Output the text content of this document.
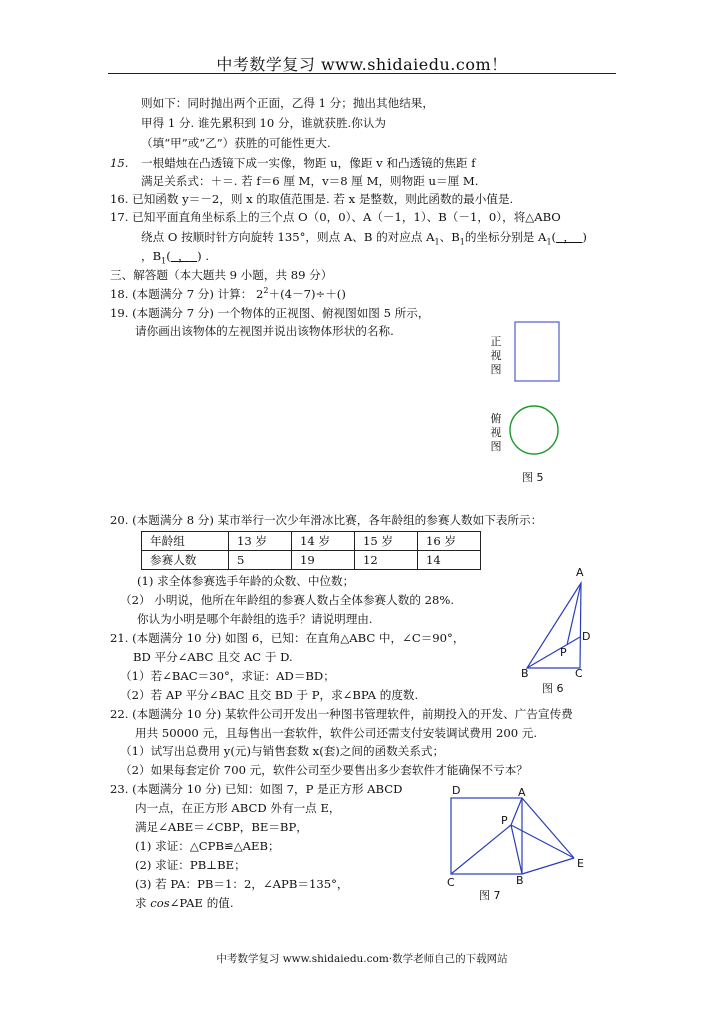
中考数学复习 www.shidaiedu.com！
则如下：同时抛出两个正面，乙得 1 分；抛出其他结果，
甲得 1 分. 谁先累积到 10 分，谁就获胜.你认为
（填“甲”或“乙”）获胜的可能性更大.
15. 一根蜡烛在凸透镜下成一实像，物距 u，像距 v 和凸透镜的焦距 f
满足关系式：＋＝. 若 f＝6 厘 M，v＝8 厘 M，则物距 u＝厘 M.
16. 已知函数 y＝－2，则 x 的取值范围是. 若 x 是整数，则此函数的最小值是.
17. 已知平面直角坐标系上的三个点 O（0，0）、A（－1，1）、B（－1，0），将△ABO
绕点 O 按顺时针方向旋转 135°，则点 A、B 的对应点 $A_1$、$B_1$的坐标分别是 $A_1$( ， )
，$B_1$( ， ) .
三、解答题（本大题共 9 小题，共 89 分）
18. (本题满分 7 分) 计算： $2^2+(4-7)\div+()$
19. (本题满分 7 分) 一个物体的正视图、俯视图如图 5 所示，
请你画出该物体的左视图并说出该物体形状的名称.
正视图
俯视图
图 5
20. (本题满分 8 分) 某市举行一次少年滑冰比赛，各年龄组的参赛人数如下表所示：
年龄组	13 岁	14 岁	15 岁	16 岁
参赛人数	5	19	12	14
(1) 求全体参赛选手年龄的众数、中位数；
（2） 小明说，他所在年龄组的参赛人数占全体参赛人数的 28%.
你认为小明是哪个年龄组的选手？请说明理由.
21. (本题满分 10 分) 如图 6，已知：在直角△ABC 中，∠C＝90°，
BD 平分∠ABC 且交 AC 于 D.
（1）若∠BAC＝30°，求证：AD＝BD；
（2）若 AP 平分∠BAC 且交 BD 于 P，求∠BPA 的度数.
A
D
P
B	C
图 6
22. (本题满分 10 分) 某软件公司开发出一种图书管理软件，前期投入的开发、广告宣传费
用共 50000 元，且每售出一套软件，软件公司还需支付安装调试费用 200 元.
（1）试写出总费用 y(元)与销售套数 x(套)之间的函数关系式；
（2）如果每套定价 700 元，软件公司至少要售出多少套软件才能确保不亏本？
23. (本题满分 10 分) 已知：如图 7，P 是正方形 ABCD
内一点，在正方形 ABCD 外有一点 E，
满足∠ABE＝∠CBP，BE＝BP，
(1) 求证：△CPB≌△AEB；
(2) 求证：PB⊥BE；
(3) 若 PA：PB＝1：2，∠APB＝135°，
求 cos∠PAE 的值.
D	A
P
E
C	B
图 7
中考数学复习 www.shidaiedu.com·数学老师自己的下载网站
